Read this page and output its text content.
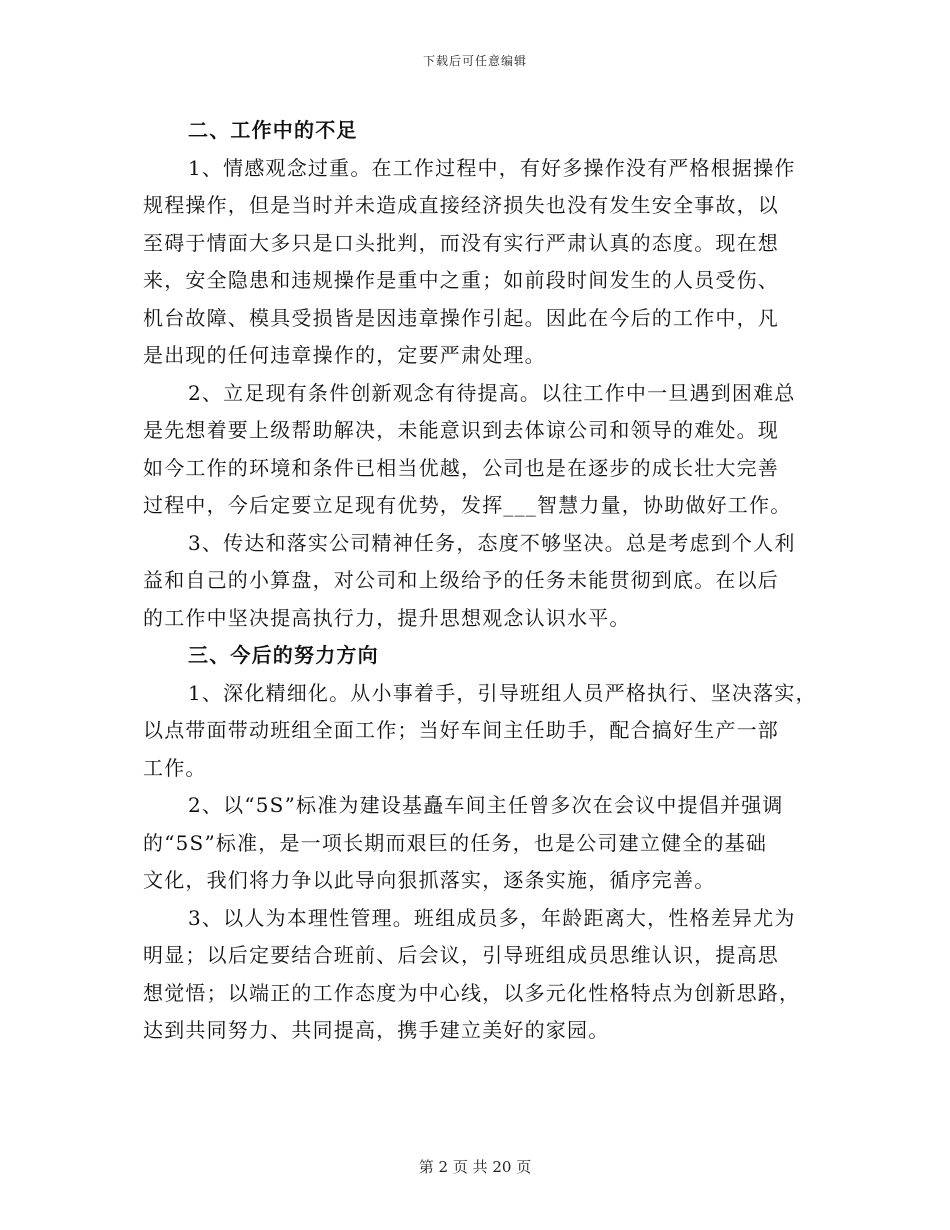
下载后可任意编辑
二、工作中的不足
1、情感观念过重。在工作过程中，有好多操作没有严格根据操作
规程操作，但是当时并未造成直接经济损失也没有发生安全事故，以
至碍于情面大多只是口头批判，而没有实行严肃认真的态度。现在想
来，安全隐患和违规操作是重中之重；如前段时间发生的人员受伤、
机台故障、模具受损皆是因违章操作引起。因此在今后的工作中，凡
是出现的任何违章操作的，定要严肃处理。
2、立足现有条件创新观念有待提高。以往工作中一旦遇到困难总
是先想着要上级帮助解决，未能意识到去体谅公司和领导的难处。现
如今工作的环境和条件已相当优越，公司也是在逐步的成长壮大完善
过程中，今后定要立足现有优势，发挥___智慧力量，协助做好工作。
3、传达和落实公司精神任务，态度不够坚决。总是考虑到个人利
益和自己的小算盘，对公司和上级给予的任务未能贯彻到底。在以后
的工作中坚决提高执行力，提升思想观念认识水平。
三、今后的努力方向
1、深化精细化。从小事着手，引导班组人员严格执行、坚决落实，
以点带面带动班组全面工作；当好车间主任助手，配合搞好生产一部
工作。
2、以“5S”标准为建设基矗车间主任曾多次在会议中提倡并强调
的“5S”标准，是一项长期而艰巨的任务，也是公司建立健全的基础
文化，我们将力争以此导向狠抓落实，逐条实施，循序完善。
3、以人为本理性管理。班组成员多，年龄距离大，性格差异尤为
明显；以后定要结合班前、后会议，引导班组成员思维认识，提高思
想觉悟；以端正的工作态度为中心线，以多元化性格特点为创新思路，
达到共同努力、共同提高，携手建立美好的家园。
第 2 页 共 20 页
